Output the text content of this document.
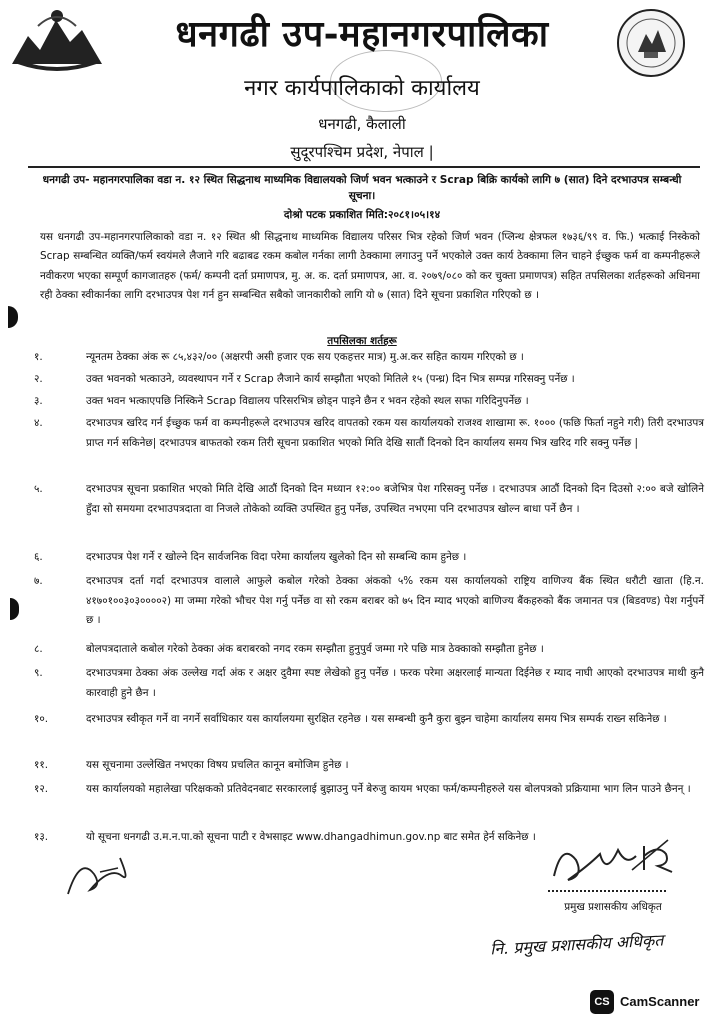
धनगढी उप-महानगरपालिका
नगर कार्यपालिकाको कार्यालय
धनगढी, कैलाली
सुदूरपश्चिम प्रदेश, नेपाल |
धनगढी उप- महानगरपालिका वडा न. १२ स्थित सिद्धनाथ माध्यमिक विद्यालयको जिर्ण भवन भत्काउने र Scrap बिक्रि कार्यको लागि ७ (सात) दिने दरभाउपत्र सम्बन्धी सूचना।
दोश्रो पटक प्रकाशित मिति:२०८१।०५।१४
यस धनगढी उप-महानगरपालिकाको वडा न. १२ स्थित श्री सिद्धनाथ माध्यमिक विद्यालय परिसर भित्र रहेको जिर्ण भवन (प्लिन्थ क्षेत्रफल १७३६/९९ व. फि.) भत्काई निस्केको Scrap सम्बन्धित व्यक्ति/फर्म स्वयंमले लैजाने गरि बढाबढ रकम कबोल गर्नका लागी ठेक्कामा लगाउनु पर्ने भएकोले उक्त कार्य ठेक्कामा लिन चाहने ईच्छुक फर्म वा कम्पनीहरूले नवीकरण भएका सम्पूर्ण कागजातहरु (फर्म/ कम्पनी दर्ता प्रमाणपत्र, मु. अ. क. दर्ता प्रमाणपत्र, आ. व. २०७९/०८० को कर चुक्ता प्रमाणपत्र) सहित तपसिलका शर्तहरूको अधिनमा रही ठेक्का स्वीकार्नका लागि दरभाउपत्र पेश गर्न हुन सम्बन्धित सबैको जानकारीको लागि यो ७ (सात) दिने सूचना प्रकाशित गरिएको छ ।
तपसिलका शर्तहरू
१.	न्यूनतम ठेक्का अंक रू ८५,४३२/०० (अक्षरपी असी हजार एक सय एकहत्तर मात्र) मु.अ.कर सहित कायम गरिएको छ ।
२.	उक्त भवनको भत्काउने, व्यवस्थापन गर्ने र Scrap लैजाने कार्य सम्झौता भएको मितिले १५ (पन्ध्र) दिन भित्र सम्पन्न गरिसक्नु पर्नेछ ।
३.	उक्त भवन भत्काएपछि निस्किने Scrap विद्यालय परिसरभित्र छोड्न पाइने छैन र भवन रहेको स्थल सफा गरिदिनुपर्नेछ ।
४.	दरभाउपत्र खरिद गर्न ईच्छुक फर्म वा कम्पनीहरूले दरभाउपत्र खरिद वापतको रकम यस कार्यालयको राजश्व शाखामा रू. १००० (फछि फिर्ता नहुने गरी) तिरी दरभाउपत्र प्राप्त गर्न सकिनेछ| दरभाउपत्र बाफतको रकम तिरी सूचना प्रकाशित भएको मिति देखि सातौं दिनको दिन कार्यालय समय भित्र खरिद गरि सक्नु पर्नेछ |
५.	दरभाउपत्र सूचना प्रकाशित भएको मिति देखि आठौं दिनको दिन मध्यान १२:०० बजेभित्र पेश गरिसक्नु पर्नेछ । दरभाउपत्र आठौं दिनको दिन दिउसो २:०० बजे खोलिने हुँदा सो समयमा दरभाउपत्रदाता वा निजले तोकेको व्यक्ति उपस्थित हुनु पर्नेछ, उपस्थित नभएमा पनि दरभाउपत्र खोल्न बाधा पर्ने छैन ।
६.	दरभाउपत्र पेश गर्ने र खोल्ने दिन सार्वजनिक विदा परेमा कार्यालय खुलेको दिन सो सम्बन्धि काम हुनेछ ।
७.	दरभाउपत्र दर्ता गर्दा दरभाउपत्र वालाले आफुले कबोल गरेको ठेक्का अंकको ५% रकम यस कार्यालयको राष्ट्रिय वाणिज्य बैंक स्थित धरौटी खाता (हि.न. ४१७०१००३०३००००२) मा जम्मा गरेको भौचर पेश गर्नु पर्नेछ वा सो रकम बराबर को ७५ दिन म्याद भएको बाणिज्य बैंकहरुको बैंक जमानत पत्र (बिडवण्ड) पेश गर्नुपर्ने छ ।
८.	बोलपत्रदाताले कबोल गरेको ठेक्का अंक बराबरको नगद रकम सम्झौता हुनुपुर्व जम्मा गरे पछि मात्र ठेक्काको सम्झौता हुनेछ ।
९.	दरभाउपत्रमा ठेक्का अंक उल्लेख गर्दा अंक र अक्षर दुवैमा स्पष्ट लेखेको हुनु पर्नेछ । फरक परेमा अक्षरलाई मान्यता दिईनेछ र म्याद नाघी आएको दरभाउपत्र माथी कुनै कारवाही हुने छैन ।
१०.	दरभाउपत्र स्वीकृत गर्ने वा नगर्ने सर्वाधिकार यस कार्यालयमा सुरक्षित रहनेछ । यस सम्बन्धी कुनै कुरा बुझ्न चाहेमा कार्यालय समय भित्र सम्पर्क राख्न सकिनेछ ।
११.	यस सूचनामा उल्लेखित नभएका विषय प्रचलित कानून बमोजिम हुनेछ ।
१२.	यस कार्यालयको महालेखा परिक्षकको प्रतिवेदनबाट सरकारलाई बुझाउनु पर्ने बेरुजु कायम भएका फर्म/कम्पनीहरुले यस बोलपत्रको प्रक्रियामा भाग लिन पाउने छैनन् ।
१३.	यो सूचना धनगढी उ.म.न.पा.को सूचना पाटी र वेभसाइट www.dhangadhimun.gov.np बाट समेत हेर्न सकिनेछ ।
प्रमुख प्रशासकीय अधिकृत
नि. प्रमुख प्रशासकीय अधिकृत
CS CamScanner
